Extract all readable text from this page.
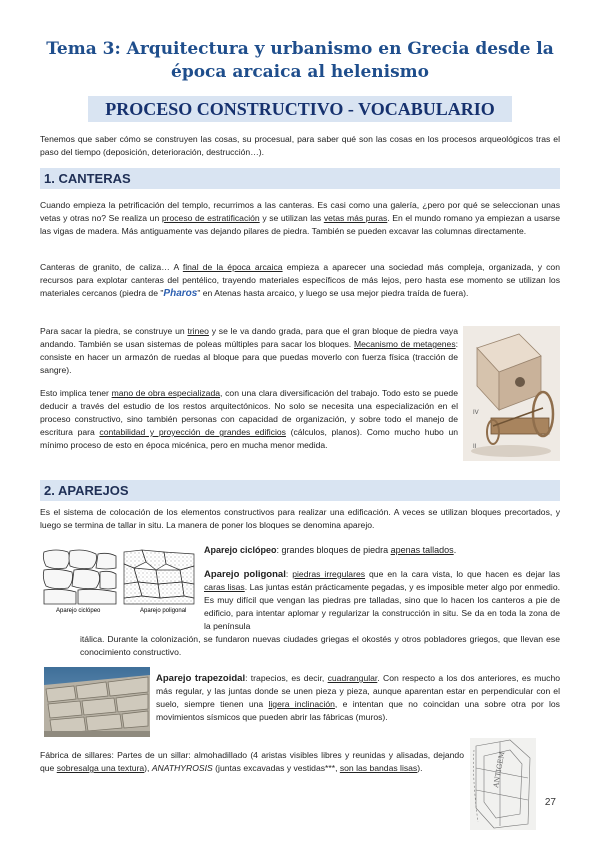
Tema 3: Arquitectura y urbanismo en Grecia desde la
época arcaica al helenismo
PROCESO CONSTRUCTIVO - VOCABULARIO

Tenemos que saber cómo se construyen las cosas, su procesual, para saber qué son las cosas en los procesos arqueológicos tras el paso del tiempo (deposición, deterioración, destrucción…).

1. CANTERAS

Cuando empieza la petrificación del templo, recurrimos a las canteras. Es casi como una galería, ¿pero por qué se seleccionan unas vetas y otras no? Se realiza un proceso de estratificación y se utilizan las vetas más puras. En el mundo romano ya empiezan a usarse las vigas de madera. Más antiguamente vas dejando pilares de piedra. También se pueden excavar las columnas directamente.

Canteras de granito, de caliza… A final de la época arcaica empieza a aparecer una sociedad más compleja, organizada, y con recursos para explotar canteras del pentélico, trayendo materiales específicos de más lejos, pero hasta ese momento se utilizan los materiales cercanos (piedra de "Pharos" en Atenas hasta arcaico, y luego se usa mejor piedra traída de fuera).

Para sacar la piedra, se construye un trineo y se le va dando grada, para que el gran bloque de piedra vaya andando. También se usan sistemas de poleas múltiples para sacar los bloques. Mecanismo de metagenes: consiste en hacer un armazón de ruedas al bloque para que puedas moverlo con fuerza física (tracción de sangre).

Esto implica tener mano de obra especializada, con una clara diversificación del trabajo. Todo esto se puede deducir a través del estudio de los restos arquitectónicos. No solo se necesita una especialización en el proceso constructivo, sino también personas con capacidad de organización, y sobre todo el manejo de escritura para contabilidad y proyección de grandes edificios (cálculos, planos). Como mucho hubo un mínimo proceso de esto en época micénica, pero en mucha menor medida.

IV
II
2. APAREJOS

Es el sistema de colocación de los elementos constructivos para realizar una edificación. A veces se utilizan bloques precortados, y luego se termina de tallar in situ. La manera de poner los bloques se denomina aparejo.

Aparejo ciclópeo	Aparejo poligonal

Aparejo ciclópeo: grandes bloques de piedra apenas tallados.

Aparejo poligonal: piedras irregulares que en la cara vista, lo que hacen es dejar las caras lisas. Las juntas están prácticamente pegadas, y es imposible meter algo por enmedio. Es muy difícil que vengan las piedras pre talladas, sino que lo hacen los canteros a pie de edificio, para intentar aplomar y regularizar la construcción in situ. Se da en toda la zona de la península

itálica. Durante la colonización, se fundaron nuevas ciudades griegas el okostés y otros pobladores griegos, que llevan ese conocimiento constructivo.

Aparejo trapezoidal: trapecios, es decir, cuadrangular. Con respecto a los dos anteriores, es mucho más regular, y las juntas donde se unen pieza y pieza, aunque aparentan estar en perpendicular con el suelo, siempre tienen una ligera inclinación, e intentan que no coincidan una sobre otra por los movimientos sísmicos que pueden abrir las fábricas (muros).

Fábrica de sillares: Partes de un sillar: almohadillado (4 aristas visibles libres y reunidas y alisadas, dejando que sobresalga una textura), ANATHYROSIS (juntas excavadas y vestidas***, son las bandas lisas).	ANTIGEM
27
